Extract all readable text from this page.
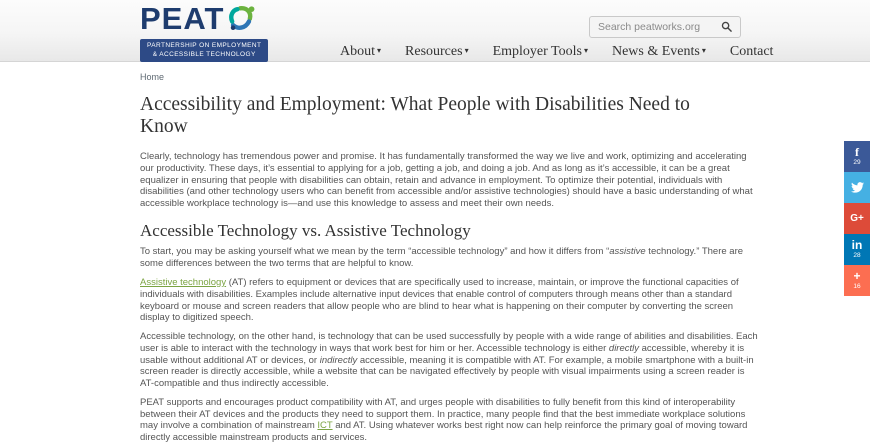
PEAT
PARTNERSHIP ON EMPLOYMENT
& ACCESSIBLE TECHNOLOGY
Search peatworks.org	About ▾ Resources ▾ Employer Tools ▾ News & Events ▾ Contact
Home
Accessibility and Employment: What People with Disabilities Need to Know

Clearly, technology has tremendous power and promise. It has fundamentally transformed the way we live and work, optimizing and accelerating our productivity. These days, it’s essential to applying for a job, getting a job, and doing a job. And as long as it’s accessible, it can be a great equalizer in ensuring that people with disabilities can obtain, retain and advance in employment. To optimize their potential, individuals with disabilities (and other technology users who can benefit from accessible and/or assistive technologies) should have a basic understanding of what accessible workplace technology is—and use this knowledge to assess and meet their own needs.

Accessible Technology vs. Assistive Technology

To start, you may be asking yourself what we mean by the term “accessible technology” and how it differs from “assistive technology.” There are some differences between the two terms that are helpful to know.

Assistive technology (AT) refers to equipment or devices that are specifically used to increase, maintain, or improve the functional capacities of individuals with disabilities. Examples include alternative input devices that enable control of computers through means other than a standard keyboard or mouse and screen readers that allow people who are blind to hear what is happening on their computer by converting the screen display to digitized speech.

Accessible technology, on the other hand, is technology that can be used successfully by people with a wide range of abilities and disabilities. Each user is able to interact with the technology in ways that work best for him or her. Accessible technology is either directly accessible, whereby it is usable without additional AT or devices, or indirectly accessible, meaning it is compatible with AT. For example, a mobile smartphone with a built-in screen reader is directly accessible, while a website that can be navigated effectively by people with visual impairments using a screen reader is AT-compatible and thus indirectly accessible.

PEAT supports and encourages product compatibility with AT, and urges people with disabilities to fully benefit from this kind of interoperability between their AT devices and the products they need to support them. In practice, many people find that the best immediate workplace solutions may involve a combination of mainstream ICT and AT. Using whatever works best right now can help reinforce the primary goal of moving toward directly accessible mainstream products and services.

f
29
G+
in
28
+
16
